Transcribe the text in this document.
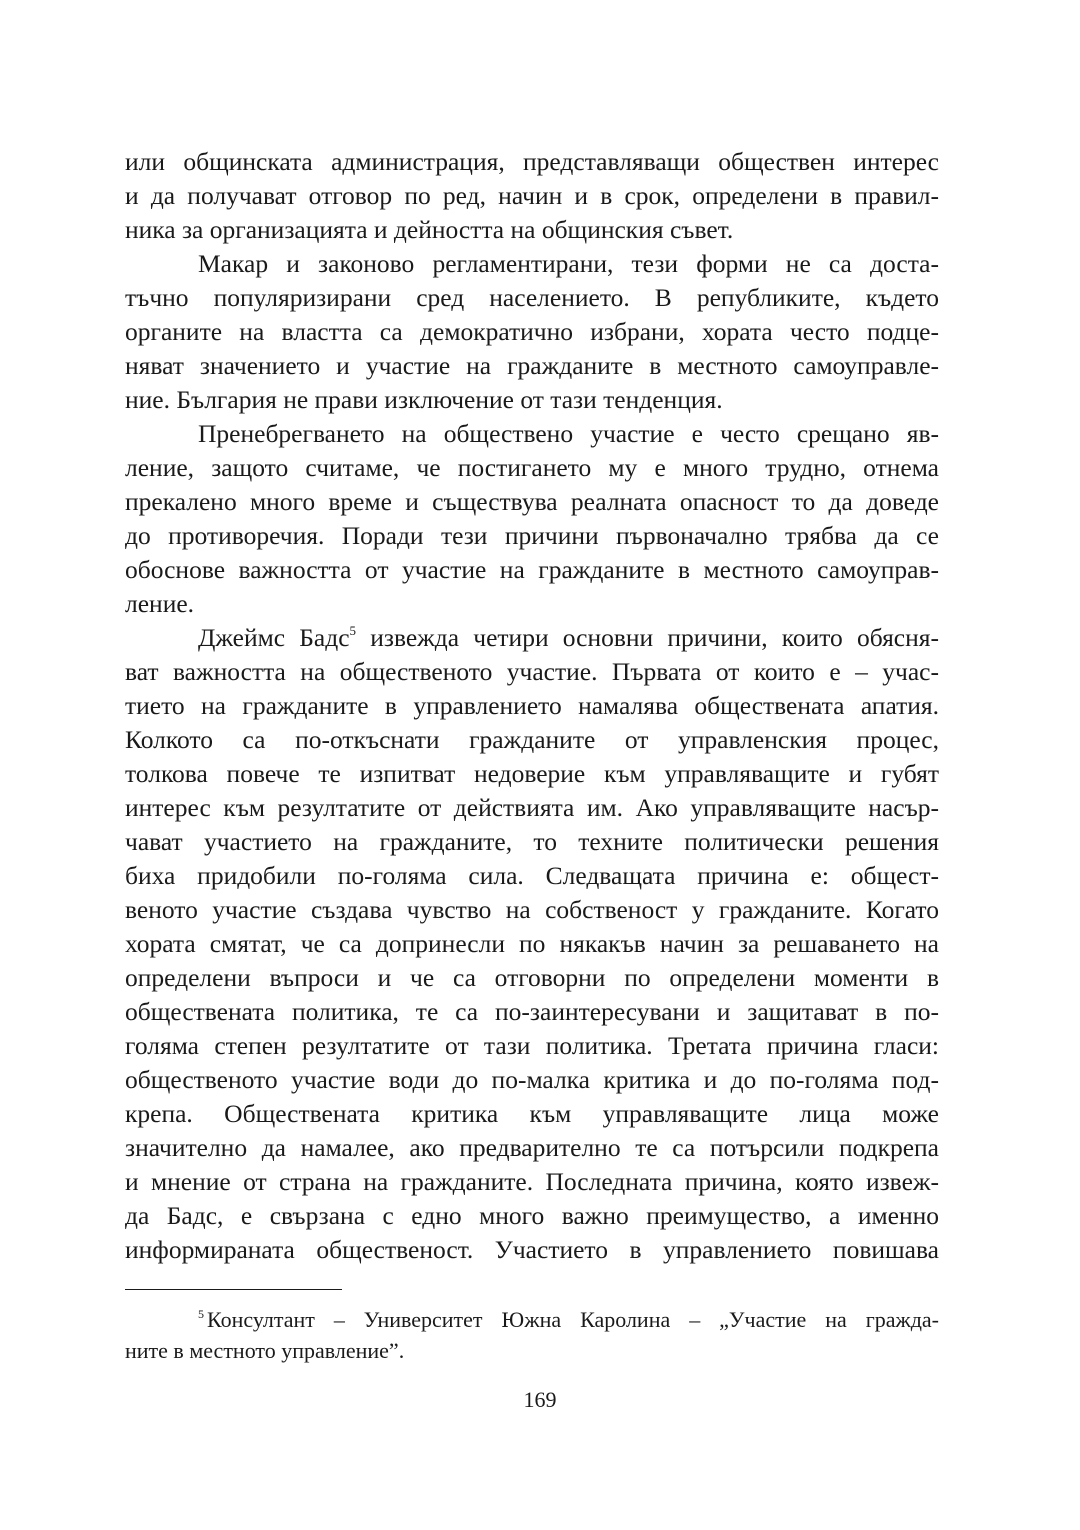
или общинската администрация, представляващи обществен интерес
и да получават отговор по ред, начин и в срок, определени в правил-
ника за организацията и дейността на общинския съвет.
Макар и законово регламентирани, тези форми не са доста-
тъчно популяризирани сред населението. В републиките, където
органите на властта са демократично избрани, хората често подце-
няват значението и участие на гражданите в местното самоуправле-
ние. България не прави изключение от тази тенденция.
Пренебрегването на обществено участие е често срещано яв-
ление, защото считаме, че постигането му е много трудно, отнема
прекалено много време и съществува реалната опасност то да доведе
до противоречия. Поради тези причини първоначално трябва да се
обоснове важността от участие на гражданите в местното самоуправ-
ление.
Джеймс Бадс$^5$ извежда четири основни причини, които обясня-
ват важността на общественото участие. Първата от които е – учас-
тието на гражданите в управлението намалява обществената апатия.
Колкото са по-откъснати гражданите от управленския процес,
толкова повече те изпитват недоверие към управляващите и губят
интерес към резултатите от действията им. Ако управляващите насър-
чават участието на гражданите, то техните политически решения
биха придобили по-голяма сила. Следващата причина е: общест-
веното участие създава чувство на собственост у гражданите. Когато
хората смятат, че са допринесли по някакъв начин за решаването на
определени въпроси и че са отговорни по определени моменти в
обществената политика, те са по-заинтересувани и защитават в по-
голяма степен резултатите от тази политика. Третата причина гласи:
общественото участие води до по-малка критика и до по-голяма под-
крепа. Обществената критика към управляващите лица може
значително да намалее, ако предварително те са потърсили подкрепа
и мнение от страна на гражданите. Последната причина, която извеж-
да Бадс, е свързана с едно много важно преимущество, а именно
информираната общественост. Участието в управлението повишава
$^5$ Консултант – Университет Южна Каролина – „Участие на гражда-
ните в местното управление”.
169
